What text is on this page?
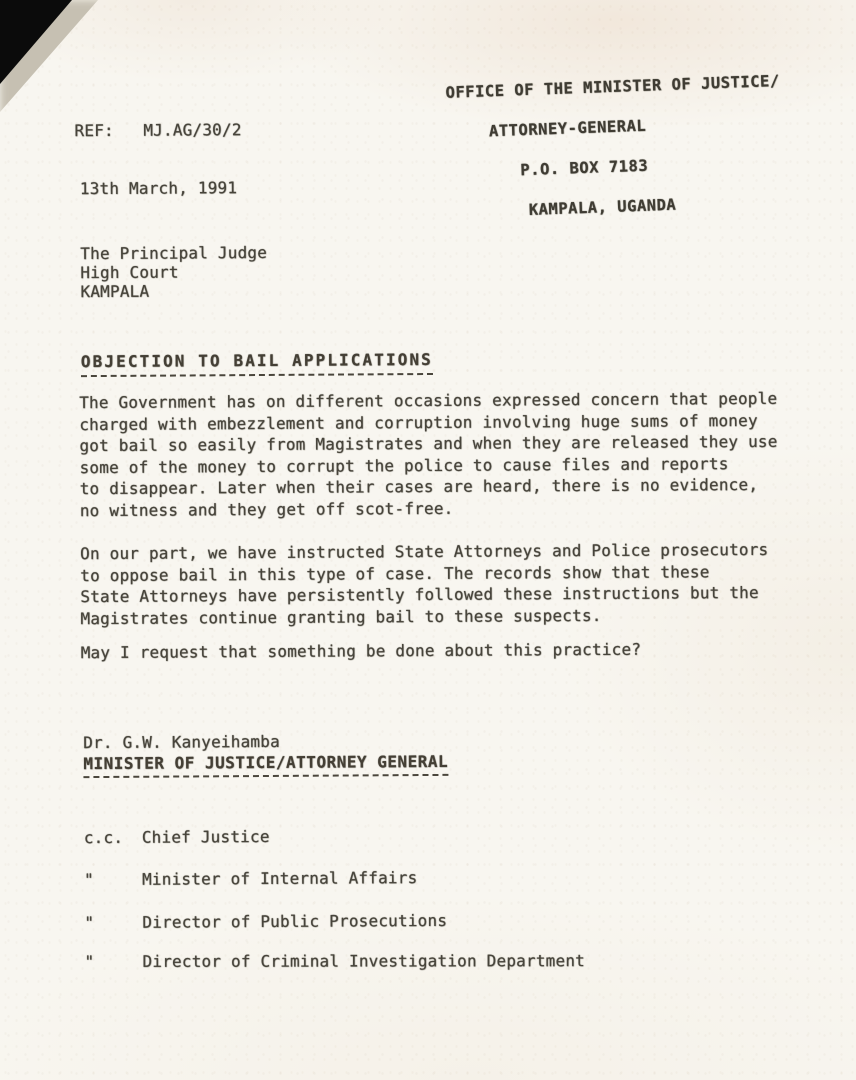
OFFICE OF THE MINISTER OF JUSTICE/

ATTORNEY-GENERAL

P.O. BOX 7183

KAMPALA, UGANDA

REF:   MJ.AG/30/2
13th March, 1991
The Principal Judge
High Court
KAMPALA
OBJECTION TO BAIL APPLICATIONS
The Government has on different occasions expressed concern that people
charged with embezzlement and corruption involving huge sums of money
got bail so easily from Magistrates and when they are released they use
some of the money to corrupt the police to cause files and reports
to disappear. Later when their cases are heard, there is no evidence,
no witness and they get off scot-free.
On our part, we have instructed State Attorneys and Police prosecutors
to oppose bail in this type of case. The records show that these
State Attorneys have persistently followed these instructions but the
Magistrates continue granting bail to these suspects.
May I request that something be done about this practice?
Dr. G.W. Kanyeihamba
MINISTER OF JUSTICE/ATTORNEY GENERAL

c.c. Chief Justice

"	Minister of Internal Affairs

"	Director of Public Prosecutions

"	Director of Criminal Investigation Department
